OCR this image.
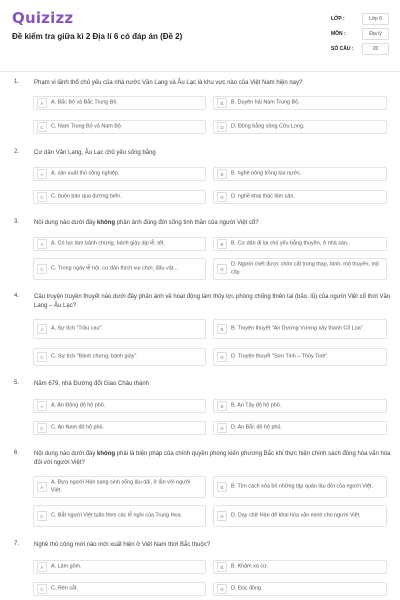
Quizizz
Đề kiểm tra giữa kì 2 Địa lí 6 có đáp án (Đề 2)
LỚP :	Lớp 6
MÔN :	Địa lý
SỐ CÂU :	20
1. Phạm vi lãnh thổ chủ yếu của nhà nước Văn Lang và Âu Lạc là khu vực nào của Việt Nam hiện nay?
A	A. Bắc Bộ và Bắc Trung Bộ.	B	B. Duyên hải Nam Trung Bộ.
C	C. Nam Trung Bộ và Nam Bộ.	D	D. Đồng bằng sông Cửu Long.
2. Cư dân Văn Lang, Âu Lạc chủ yếu sống bằng
A	A. sản xuất thủ công nghiệp.	B	B. nghề nông trồng lúa nước.
C	C. buôn bán qua đường biển.	D	D. nghề khai thác lâm sản.
3. Nội dung nào dưới đây không phản ánh đúng đời sống tinh thần của người Việt cổ?
A	A. Có tục làm bánh chưng, bánh giày dịp lễ, tết.	B	B. Cư dân đi lại chủ yếu bằng thuyền, ở nhà sàn.
C	C. Trong ngày lễ hội, cư dân thích vui chơi, đấu vật...	D
D. Người chết được chôn cất trong thạp, bình, mộ thuyền, mộ cây.
4. Câu truyện truyền thuyết nào dưới đây phản ánh về hoạt động làm thủy lợi, phòng chống thiên tai (bão, lũ) của người Việt cổ thời Văn Lang – Âu Lạc?
A	A. Sự tích "Trầu cau".	B	B. Truyện thuyết "An Dương Vương xây thành Cổ Loa".
C	C. Sự tích "Bánh chưng, bánh giày".	D	D. Truyện thuyết "Sơn Tinh – Thủy Tinh".
5. Năm 679, nhà Đường đổi Giao Châu thành
A	A. An Đông đô hộ phủ.	B	B. An Tây đô hộ phủ.
C	C. An Nam đô hộ phủ.	D	D. An Bắc đô hộ phủ.
6. Nội dung nào dưới đây không phải là biện pháp của chính quyền phong kiến phương Bắc khi thực hiện chính sách đồng hóa văn hóa đối với người Việt?
A
A. Đưa người Hán sang sinh sống lâu dài, ở lẫn với người Việt.	B	B. Tìm cách xóa bỏ những tập quán lâu đời của người Việt.
C	C. Bắt người Việt tuân theo các lễ nghi của Trung Hoa.	D	D. Dạy chữ Hán để khai hóa văn minh cho người Việt.
7. Nghề thủ công mới nào mới xuất hiện ở Việt Nam thời Bắc thuộc?
A	A. Làm gốm.	B	B. Khảm xà cừ.
C	C. Rèn sắt.	D	D. Đúc đồng.
